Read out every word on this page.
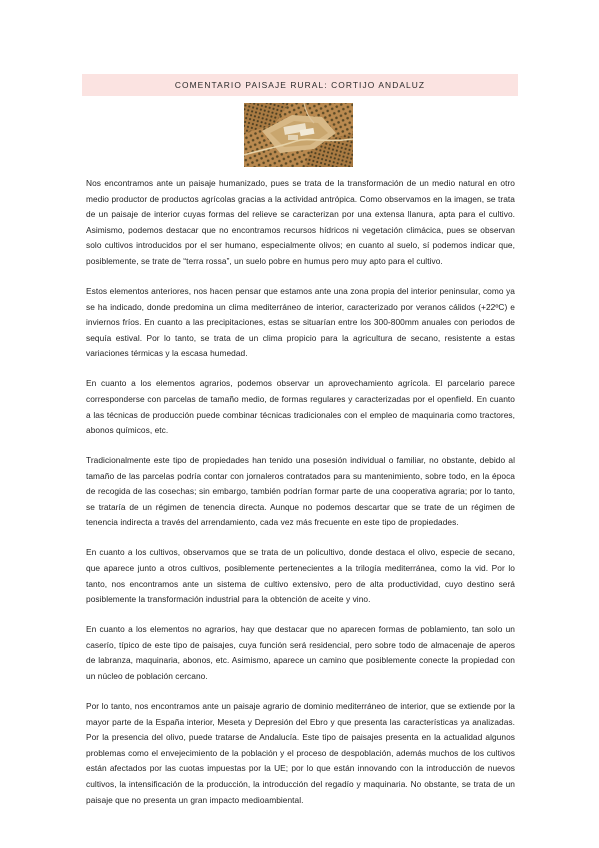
COMENTARIO PAISAJE RURAL: CORTIJO ANDALUZ

Nos encontramos ante un paisaje humanizado, pues se trata de la transformación de un medio natural en otro medio productor de productos agrícolas gracias a la actividad antrópica. Como observamos en la imagen, se trata de un paisaje de interior cuyas formas del relieve se caracterizan por una extensa llanura, apta para el cultivo. Asimismo, podemos destacar que no encontramos recursos hídricos ni vegetación climácica, pues se observan solo cultivos introducidos por el ser humano, especialmente olivos; en cuanto al suelo, sí podemos indicar que, posiblemente, se trate de “terra rossa”, un suelo pobre en humus pero muy apto para el cultivo.

Estos elementos anteriores, nos hacen pensar que estamos ante una zona propia del interior peninsular, como ya se ha indicado, donde predomina un clima mediterráneo de interior, caracterizado por veranos cálidos (+22ºC) e inviernos fríos. En cuanto a las precipitaciones, estas se situarían entre los 300-800mm anuales con periodos de sequía estival. Por lo tanto, se trata de un clima propicio para la agricultura de secano, resistente a estas variaciones térmicas y la escasa humedad.

En cuanto a los elementos agrarios, podemos observar un aprovechamiento agrícola. El parcelario parece corresponderse con parcelas de tamaño medio, de formas regulares y caracterizadas por el openfield. En cuanto a las técnicas de producción puede combinar técnicas tradicionales con el empleo de maquinaria como tractores, abonos químicos, etc.

Tradicionalmente este tipo de propiedades han tenido una posesión individual o familiar, no obstante, debido al tamaño de las parcelas podría contar con jornaleros contratados para su mantenimiento, sobre todo, en la época de recogida de las cosechas; sin embargo, también podrían formar parte de una cooperativa agraria; por lo tanto, se trataría de un régimen de tenencia directa. Aunque no podemos descartar que se trate de un régimen de tenencia indirecta a través del arrendamiento, cada vez más frecuente en este tipo de propiedades.

En cuanto a los cultivos, observamos que se trata de un policultivo, donde destaca el olivo, especie de secano, que aparece junto a otros cultivos, posiblemente pertenecientes a la trilogía mediterránea, como la vid. Por lo tanto, nos encontramos ante un sistema de cultivo extensivo, pero de alta productividad, cuyo destino será posiblemente la transformación industrial para la obtención de aceite y vino.

En cuanto a los elementos no agrarios, hay que destacar que no aparecen formas de poblamiento, tan solo un caserío, típico de este tipo de paisajes, cuya función será residencial, pero sobre todo de almacenaje de aperos de labranza, maquinaria, abonos, etc. Asimismo, aparece un camino que posiblemente conecte la propiedad con un núcleo de población cercano.

Por lo tanto, nos encontramos ante un paisaje agrario de dominio mediterráneo de interior, que se extiende por la mayor parte de la España interior, Meseta y Depresión del Ebro y que presenta las características ya analizadas. Por la presencia del olivo, puede tratarse de Andalucía. Este tipo de paisajes presenta en la actualidad algunos problemas como el envejecimiento de la población y el proceso de despoblación, además muchos de los cultivos están afectados por las cuotas impuestas por la UE; por lo que están innovando con la introducción de nuevos cultivos, la intensificación de la producción, la introducción del regadío y maquinaria. No obstante, se trata de un paisaje que no presenta un gran impacto medioambiental.
